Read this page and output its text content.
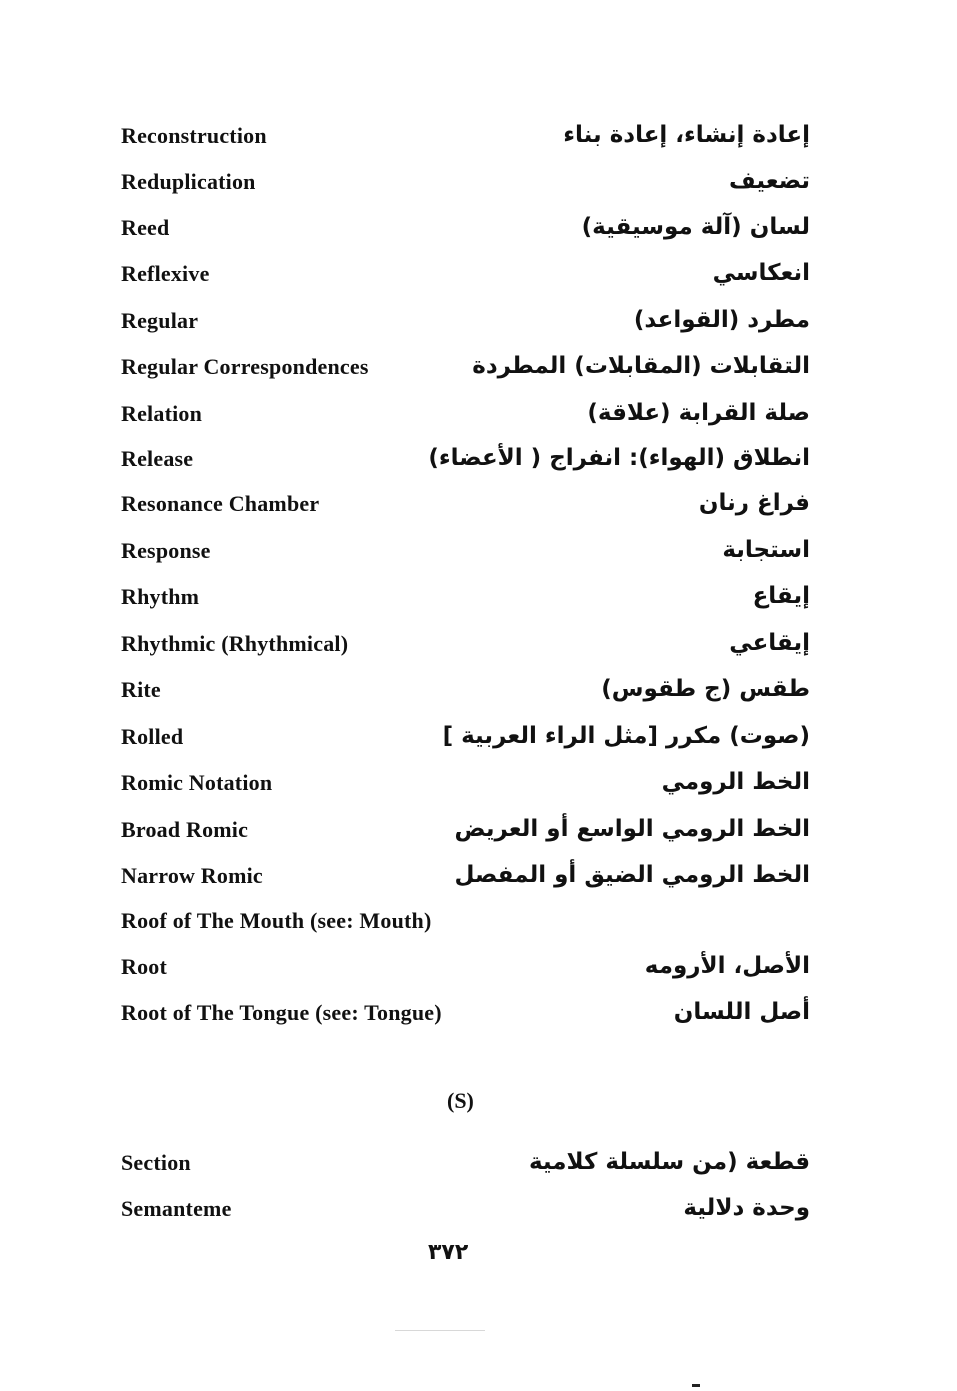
Reconstruction	إعادة إنشاء، إعادة بناء
Reduplication	تضعيف
Reed	لسان (آلة موسيقية)
Reflexive	انعكاسي
Regular	مطرد (القواعد)
Regular Correspondences	التقابلات (المقابلات) المطردة
Relation	صلة القرابة (علاقة)
Release	انطلاق (الهواء): انفراج ( الأعضاء)
Resonance Chamber	فراغ رنان
Response	استجابة
Rhythm	إيقاع
Rhythmic (Rhythmical)	إيقاعي
Rite	طقس (ج طقوس)
Rolled	(صوت) مكرر [مثل الراء العربية ]
Romic Notation	الخط الرومي
Broad Romic	الخط الرومي الواسع أو العريض
Narrow Romic	الخط الرومي الضيق أو المفصل
Roof of The Mouth (see: Mouth)
Root	الأصل، الأرومه
Root of The Tongue (see: Tongue)	أصل اللسان
(S)
Section	قطعة (من سلسلة كلامية
Semanteme	وحدة دلالية
٣٧٢
